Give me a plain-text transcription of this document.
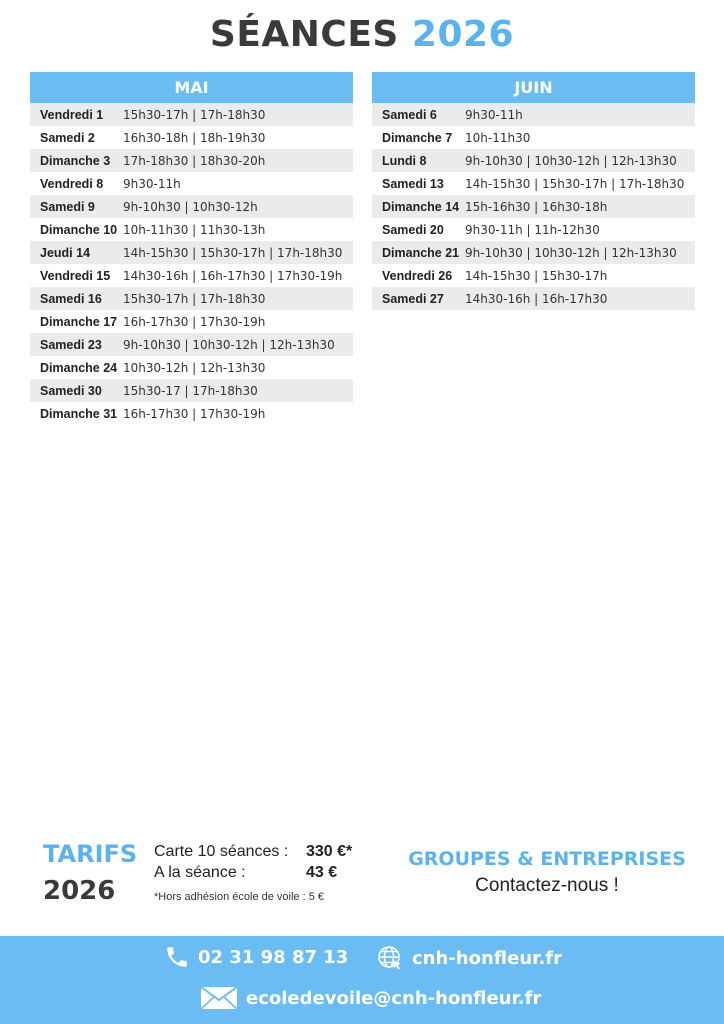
SÉANCES 2026
MAI
Vendredi 1	15h30-17h | 17h-18h30
Samedi 2	16h30-18h | 18h-19h30
Dimanche 3	17h-18h30 | 18h30-20h
Vendredi 8	9h30-11h
Samedi 9	9h-10h30 | 10h30-12h
Dimanche 10 10h-11h30 | 11h30-13h
Jeudi 14	14h-15h30 | 15h30-17h | 17h-18h30
Vendredi 15	14h30-16h | 16h-17h30 | 17h30-19h
Samedi 16	15h30-17h | 17h-18h30
Dimanche 17 16h-17h30 | 17h30-19h
Samedi 23	9h-10h30 | 10h30-12h | 12h-13h30
Dimanche 24 10h30-12h | 12h-13h30
Samedi 30	15h30-17 | 17h-18h30
Dimanche 31 16h-17h30 | 17h30-19h
JUIN
Samedi 6	9h30-11h
Dimanche 7	10h-11h30
Lundi 8	9h-10h30 | 10h30-12h | 12h-13h30
Samedi 13	14h-15h30 | 15h30-17h | 17h-18h30
Dimanche 14 15h-16h30 | 16h30-18h
Samedi 20	9h30-11h | 11h-12h30
Dimanche 21 9h-10h30 | 10h30-12h | 12h-13h30
Vendredi 26	14h-15h30 | 15h30-17h
Samedi 27	14h30-16h | 16h-17h30
TARIFS
2026
Carte 10 séances : 330 €*
A la séance :	43 €
*Hors adhésion école de voile : 5 €
GROUPES & ENTREPRISES
Contactez-nous !
02 31 98 87 13	cnh-honfleur.fr
ecoledevoile@cnh-honfleur.fr
